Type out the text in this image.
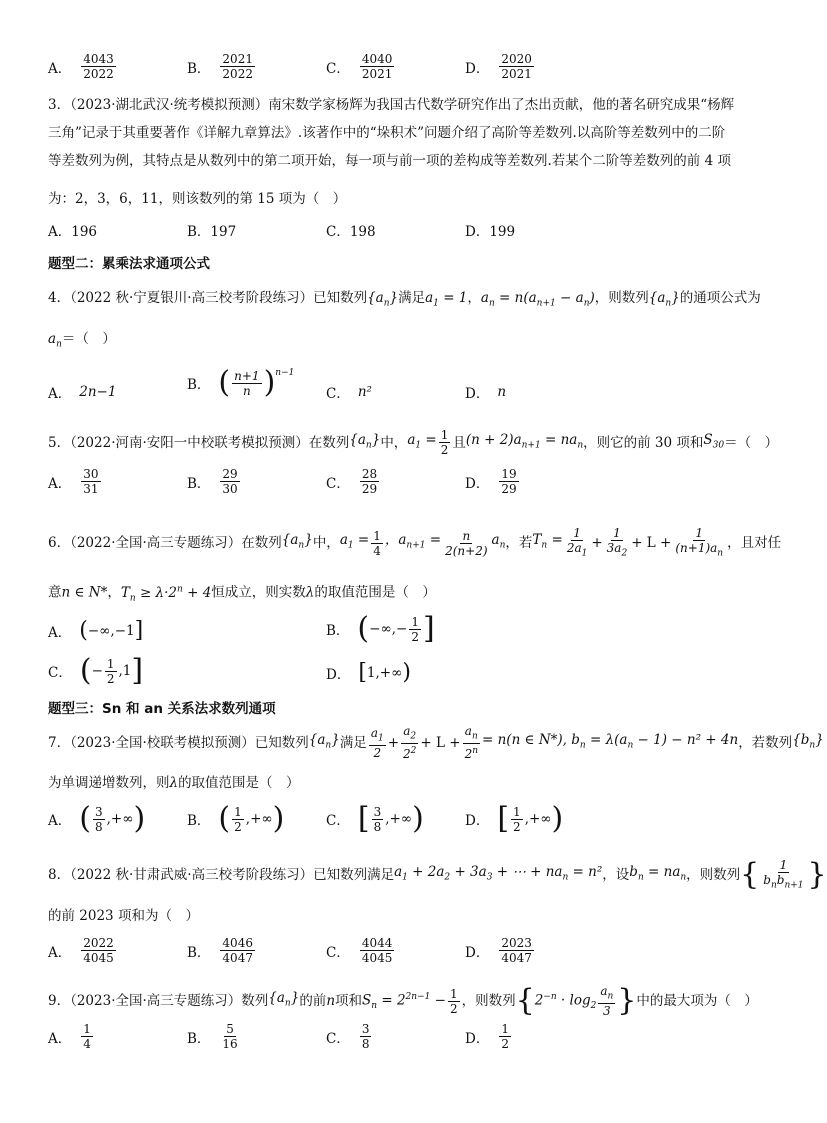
A． $\frac{4043}{2022}$	B． $\frac{2021}{2022}$	C． $\frac{4040}{2021}$	D． $\frac{2020}{2021}$
3．（2023·湖北武汉·统考模拟预测）南宋数学家杨辉为我国古代数学研究作出了杰出贡献，他的著名研究成果“杨辉
三角”记录于其重要著作《详解九章算法》.该著作中的“垛积术”问题介绍了高阶等差数列.以高阶等差数列中的二阶
等差数列为例，其特点是从数列中的第二项开始，每一项与前一项的差构成等差数列.若某个二阶等差数列的前 4 项
为：2，3，6，11，则该数列的第 15 项为（　）
A．196	B．197	C．198	D．199
题型二：累乘法求通项公式
4．（2022 秋·宁夏银川·高三校考阶段练习）已知数列$\{a_n\}$满足$a_1 = 1$，$a_n = n(a_{n+1} - a_n)$，则数列$\{a_n\}$的通项公式为
$a_n=$（　）
A． 2n−1	B． ( $\frac{n+1}{n} )^{n-1}$
C． n²	D． n
5．（2022·河南·安阳一中校联考模拟预测）在数列 $\{a_n\}$ 中， $a_1 = \frac{1}{2}$ 且 $(n + 2)a_{n+1} = na_n$ ，则它的前 30 项和 $S_{30}$ ＝（　）
A． $\frac{30}{31}$	B． $\frac{29}{30}$	C． $\frac{28}{29}$	D． $\frac{19}{29}$
6．（2022·全国·高三专题练习）在数列 $\{a_n\}$ 中， $a_1 = \frac{1}{4}$ ，$a_{n+1} = \frac{n}{2(n+2)} a_n$ ，若 $T_n = \frac{1}{2a_1} + \frac{1}{3a_2} + L + \frac{1}{(n+1)a_n}$ ，且对任
意n ∈ N*，$T_n \ge \lambda\cdot 2^n + 4$恒成立，则实数λ的取值范围是（　）
A． ( −∞,−1 ]	B． ( −∞,− $\frac{1}{2}$ ]
C． ( − $\frac{1}{2} ,1$ ]	D． [ 1,+∞ )
题型三：Sn 和 an 关系法求数列通项
7．（2023·全国·校联考模拟预测）已知数列 $\{a_n\}$ 满足 $\frac{a_1}{2} + \frac{a_2}{2^2} + L + \frac{a_n}{2^n} = n(n$ ∈ N*), $b_n = \lambda(a_n - 1) - n^2 + 4n$ ，若数列 $\{b_n\}$
为单调递增数列，则λ的取值范围是（　）
A． ( $\frac{3}{8}$ ,+∞ )	B． ( $\frac{1}{2}$ ,+∞ )	C． [ $\frac{3}{8}$ ,+∞ )	D． [ $\frac{1}{2}$ ,+∞ )
8．（2022 秋·甘肃武威·高三校考阶段练习）已知数列满足 $a_1 + 2a_2 + 3a_3$ + ⋯ + $na_n = n^2$ ，设 $b_n = na_n$ ，则数列 { $\frac{1}{b_nb_{n+1}}$ }
的前 2023 项和为（　）
A． $\frac{2022}{4045}$	B． $\frac{4046}{4047}$	C． $\frac{4044}{4045}$	D． $\frac{2023}{4047}$
9．（2023·全国·高三专题练习）数列 $\{a_n\}$ 的前 n 项和 $S_n = 2^{2n-1} - \frac{1}{2}$ ，则数列 { $2^{-n} \cdot \log_2 \frac{a_n}{3}$ } 中的最大项为（　）
A． $\frac{1}{4}$	B． $\frac{5}{16}$	C． $\frac{3}{8}$	D． $\frac{1}{2}$
